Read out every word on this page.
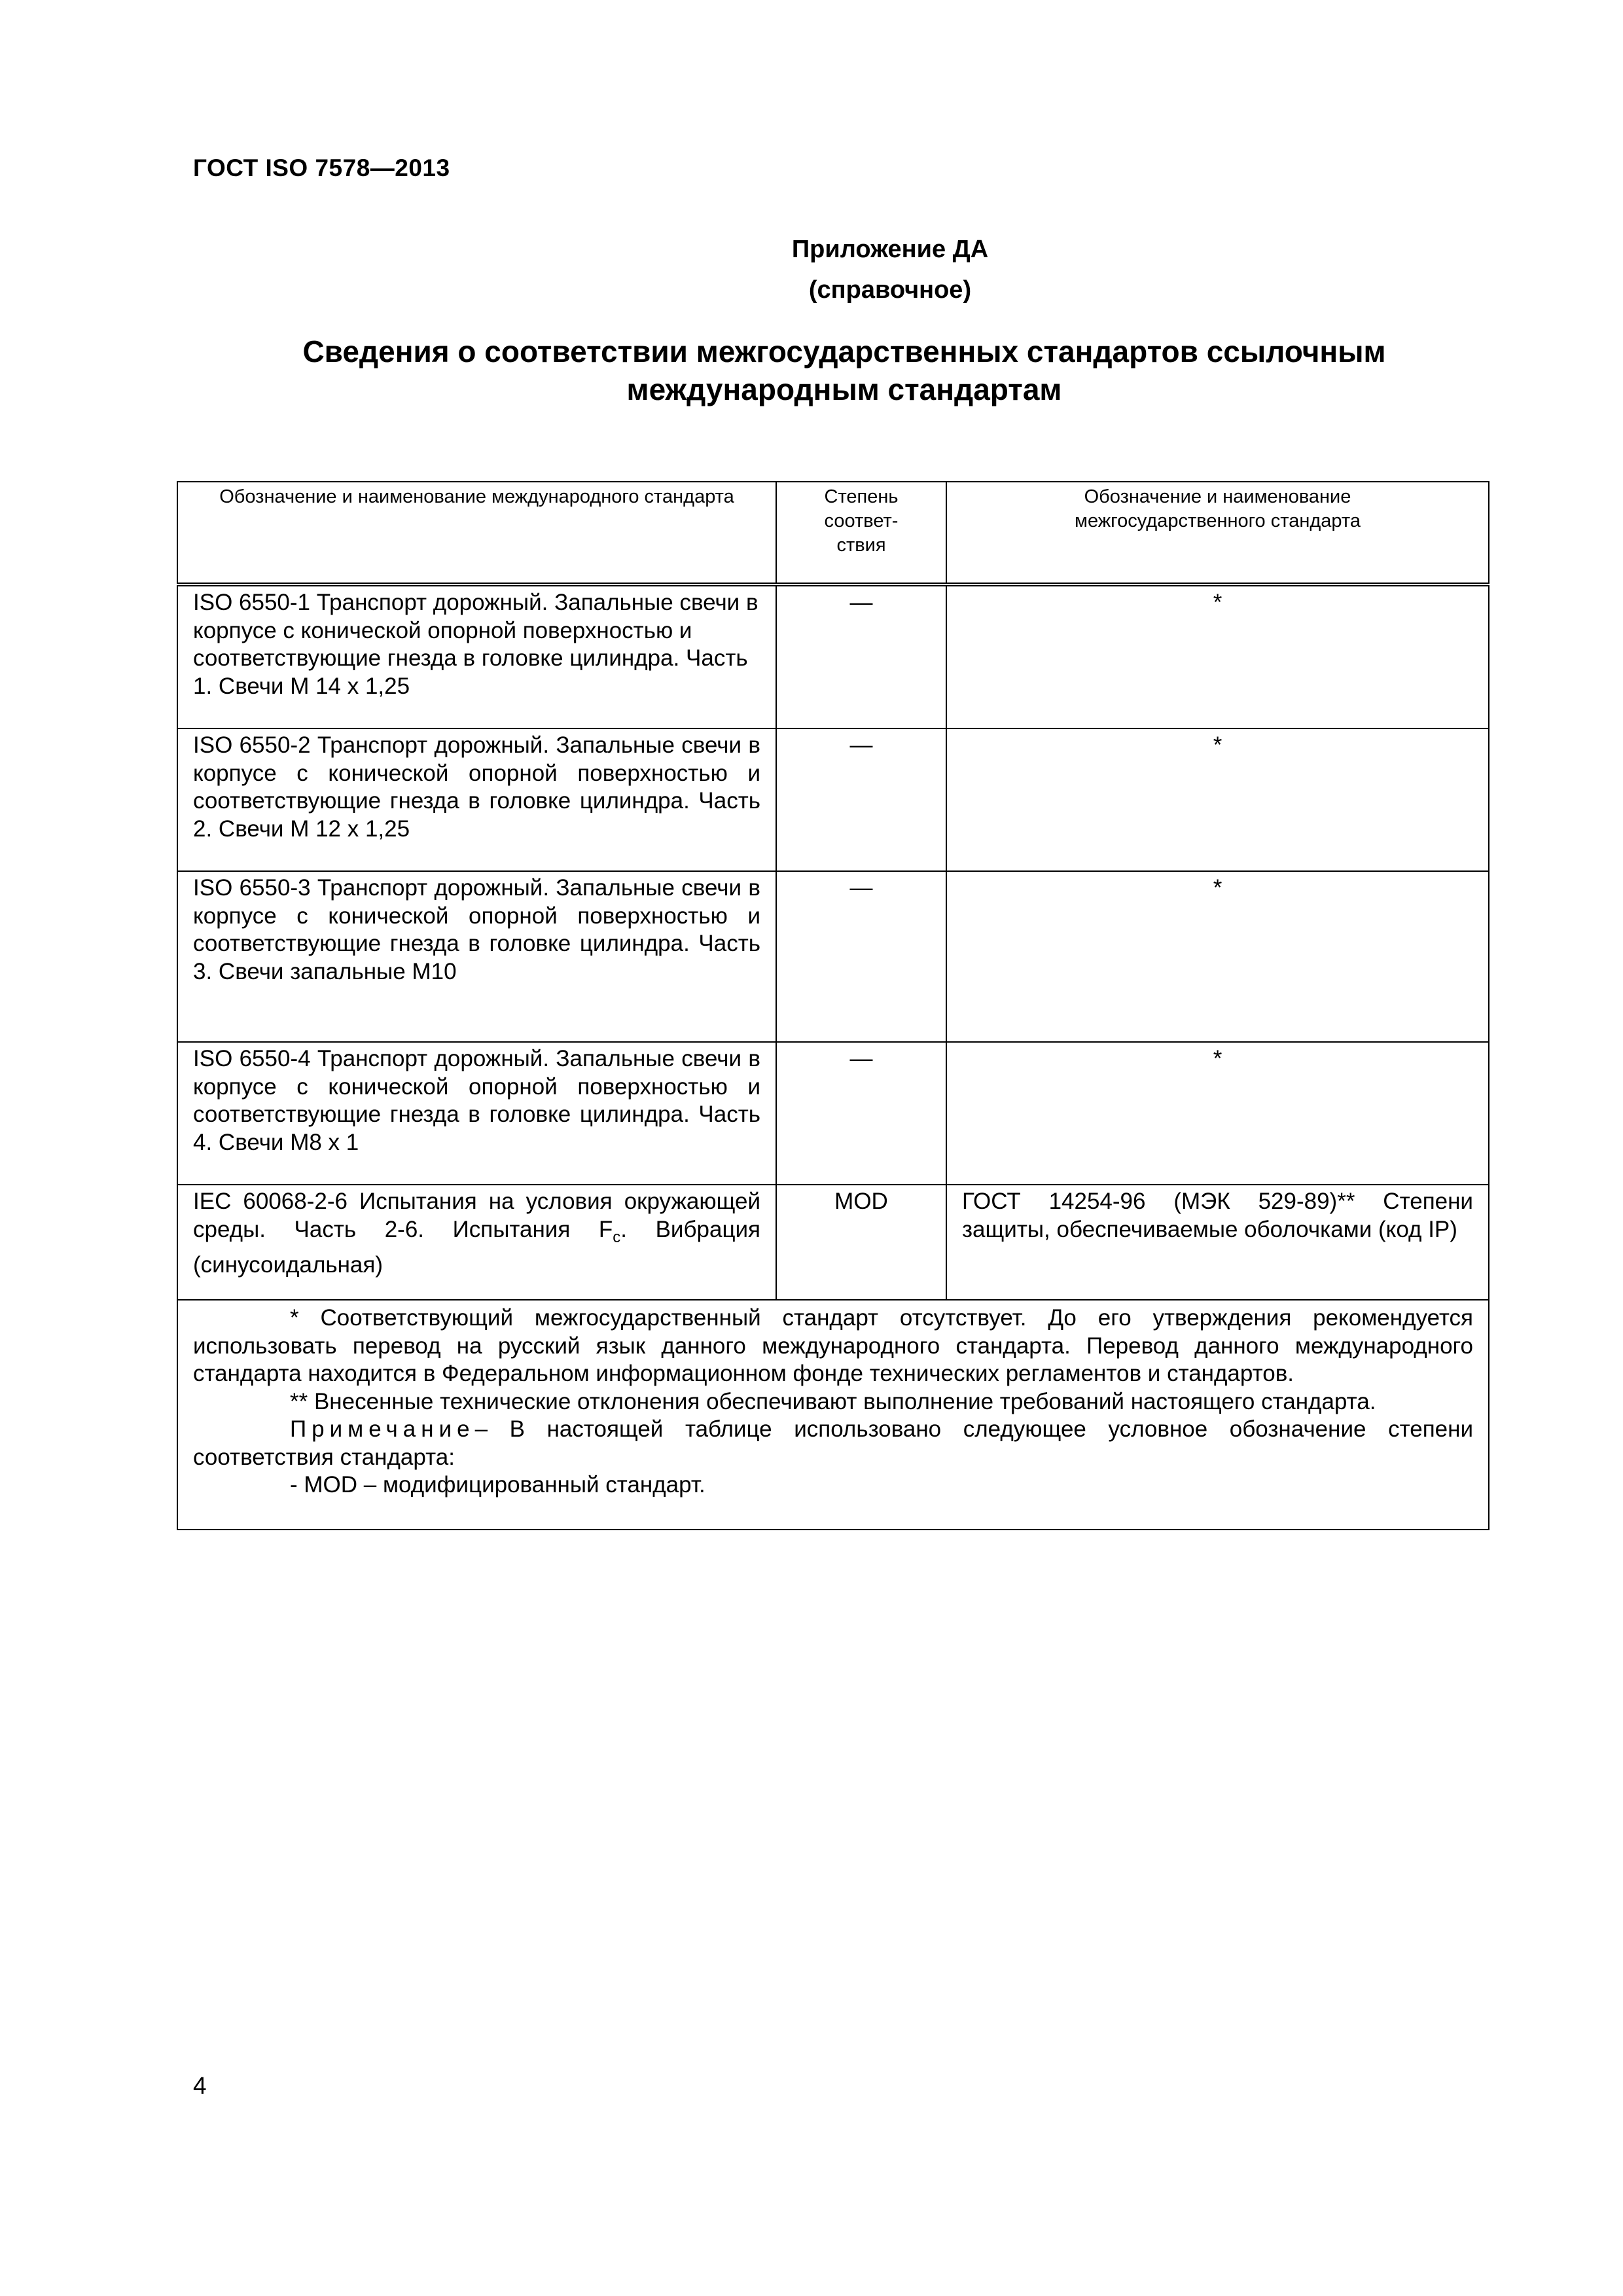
ГОСТ ISO 7578—2013
Приложение ДА
(справочное)
Сведения о соответствии межгосударственных стандартов ссылочным
международным стандартам
Обозначение и наименование международного стандарта	Степень соответ-ствия	Обозначение и наименование межгосударственного стандарта

ISO 6550-1 Транспорт дорожный. Запальные свечи в корпусе с конической опорной поверхностью и соответствующие гнезда в головке цилиндра. Часть 1. Свечи М 14 х 1,25	—	*
ISO 6550-2 Транспорт дорожный. Запальные свечи в корпусе с конической опорной поверхностью и соответствующие гнезда в головке цилиндра. Часть 2. Свечи М 12 х 1,25	—	*
ISO 6550-3 Транспорт дорожный. Запальные свечи в корпусе с конической опорной поверхностью и соответствующие гнезда в головке цилиндра. Часть 3. Свечи запальные М10	—	*
ISO 6550-4 Транспорт дорожный. Запальные свечи в корпусе с конической опорной поверхностью и соответствующие гнезда в головке цилиндра. Часть 4. Свечи М8 х 1	—	*
IEC 60068-2-6 Испытания на условия окружающей среды. Часть 2-6. Испытания $F_c$. Вибрация (синусоидальная)	MOD	ГОСТ 14254-96 (МЭК 529-89)** Степени защиты, обеспечиваемые оболочками (код IP)

* Соответствующий межгосударственный стандарт отсутствует. До его утверждения рекомендуется использовать перевод на русский язык данного международного стандарта. Перевод данного международного стандарта находится в Федеральном информационном фонде технических регламентов и стандартов.
** Внесенные технические отклонения обеспечивают выполнение требований настоящего стандарта.
Примечание– В настоящей таблице использовано следующее условное обозначение степени соответствия стандарта:
- MOD – модифицированный стандарт.		
4
